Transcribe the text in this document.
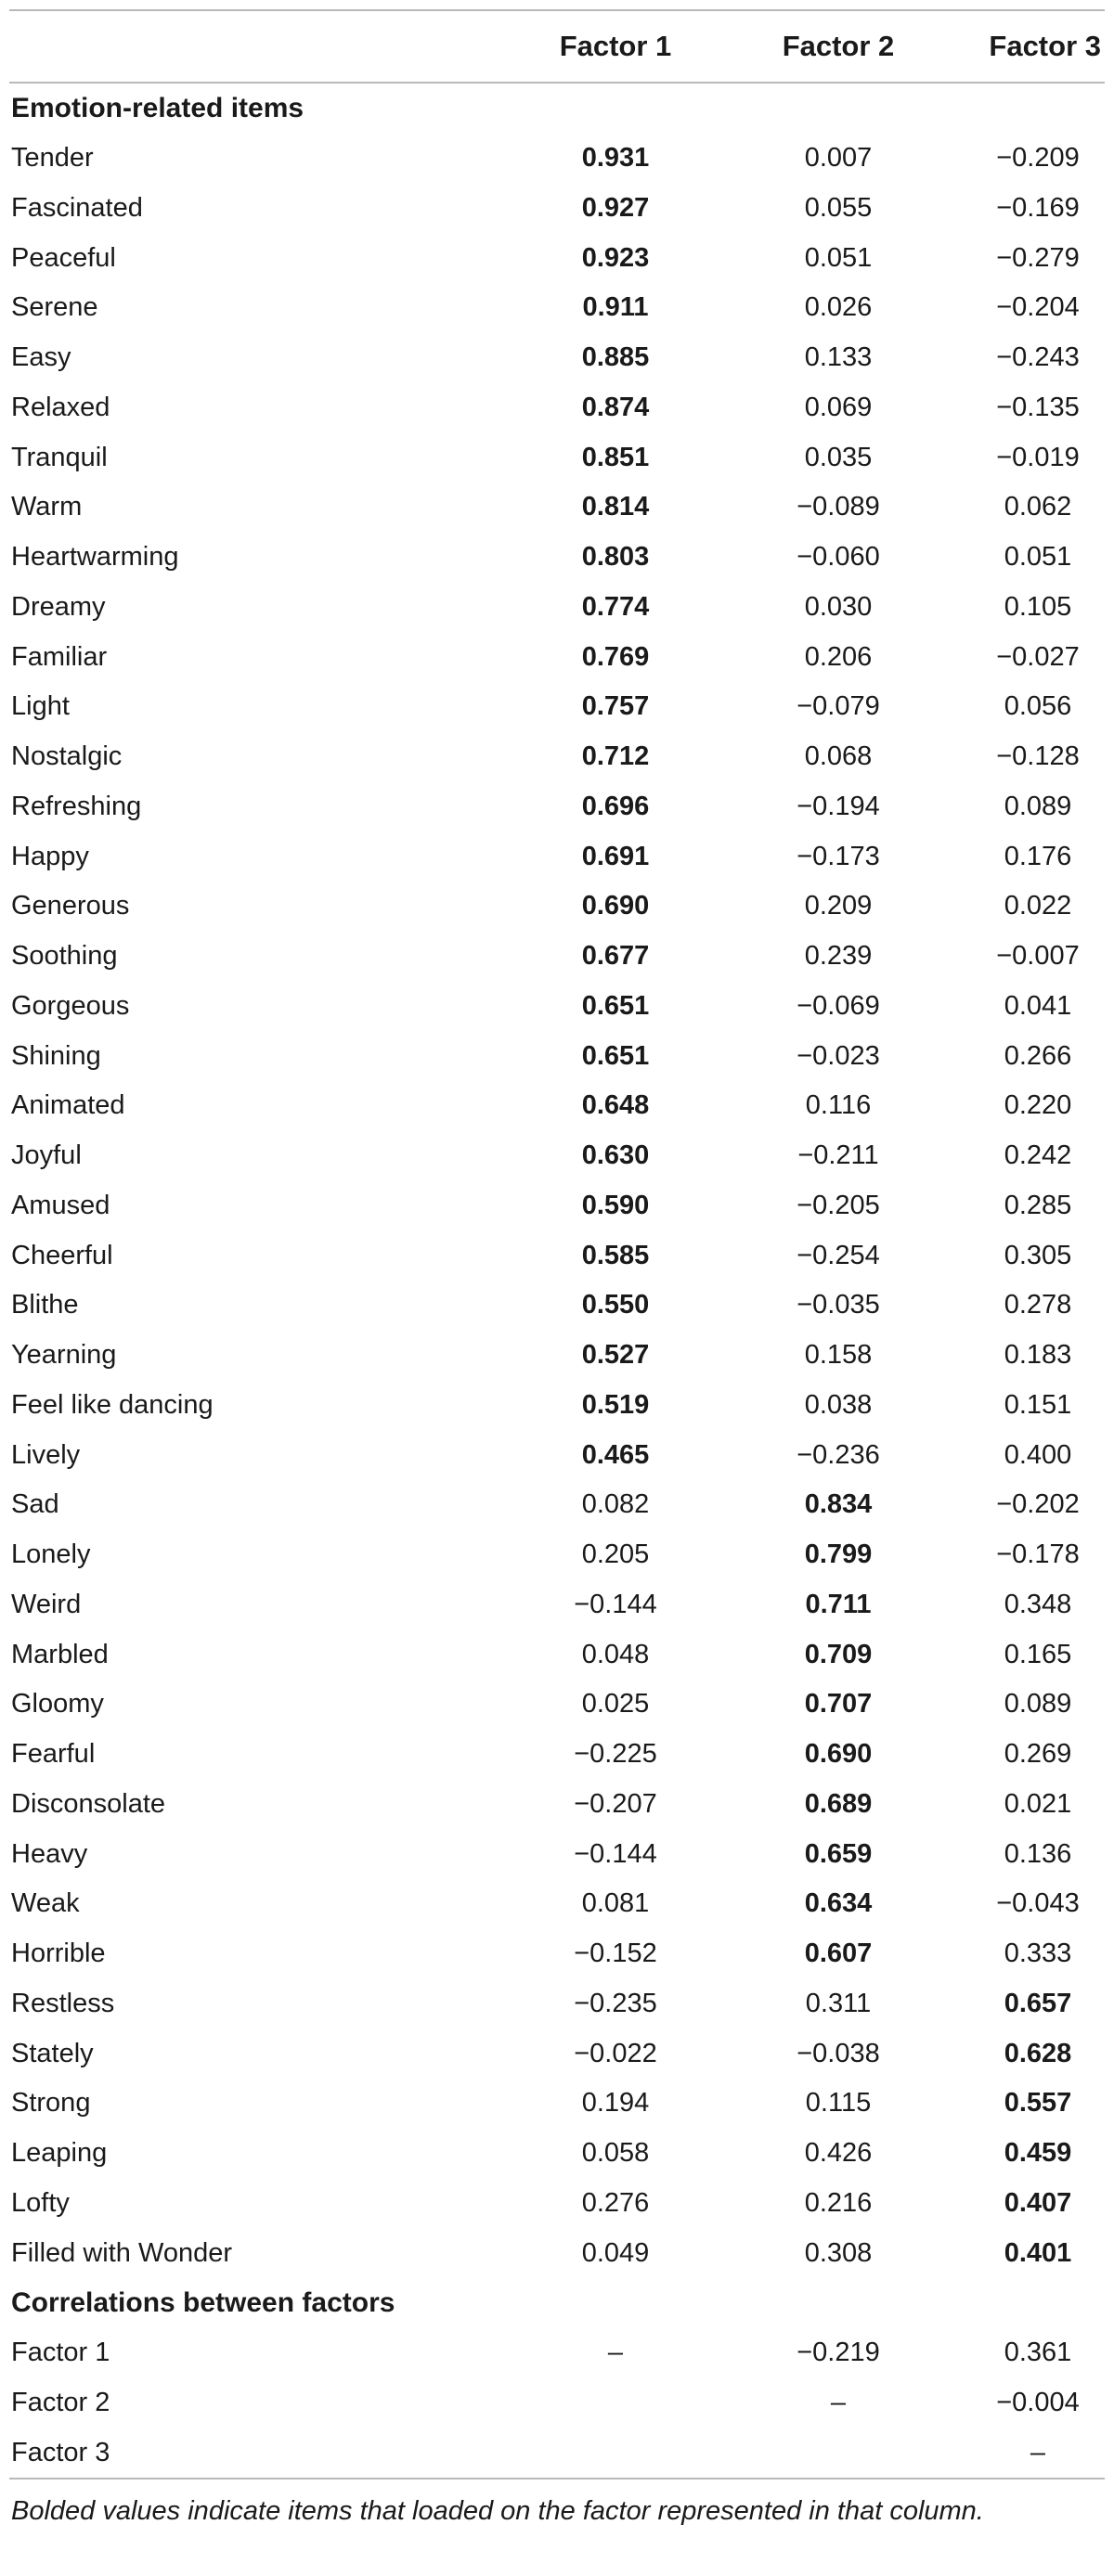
	Factor 1	Factor 2	Factor 3
Emotion-related items			
Tender	0.931	0.007	−0.209
Fascinated	0.927	0.055	−0.169
Peaceful	0.923	0.051	−0.279
Serene	0.911	0.026	−0.204
Easy	0.885	0.133	−0.243
Relaxed	0.874	0.069	−0.135
Tranquil	0.851	0.035	−0.019
Warm	0.814	−0.089	0.062
Heartwarming	0.803	−0.060	0.051
Dreamy	0.774	0.030	0.105
Familiar	0.769	0.206	−0.027
Light	0.757	−0.079	0.056
Nostalgic	0.712	0.068	−0.128
Refreshing	0.696	−0.194	0.089
Happy	0.691	−0.173	0.176
Generous	0.690	0.209	0.022
Soothing	0.677	0.239	−0.007
Gorgeous	0.651	−0.069	0.041
Shining	0.651	−0.023	0.266
Animated	0.648	0.116	0.220
Joyful	0.630	−0.211	0.242
Amused	0.590	−0.205	0.285
Cheerful	0.585	−0.254	0.305
Blithe	0.550	−0.035	0.278
Yearning	0.527	0.158	0.183
Feel like dancing	0.519	0.038	0.151
Lively	0.465	−0.236	0.400
Sad	0.082	0.834	−0.202
Lonely	0.205	0.799	−0.178
Weird	−0.144	0.711	0.348
Marbled	0.048	0.709	0.165
Gloomy	0.025	0.707	0.089
Fearful	−0.225	0.690	0.269
Disconsolate	−0.207	0.689	0.021
Heavy	−0.144	0.659	0.136
Weak	0.081	0.634	−0.043
Horrible	−0.152	0.607	0.333
Restless	−0.235	0.311	0.657
Stately	−0.022	−0.038	0.628
Strong	0.194	0.115	0.557
Leaping	0.058	0.426	0.459
Lofty	0.276	0.216	0.407
Filled with Wonder	0.049	0.308	0.401
Correlations between factors			
Factor 1	–	−0.219	0.361
Factor 2		–	−0.004
Factor 3			–
Bolded values indicate items that loaded on the factor represented in that column.
